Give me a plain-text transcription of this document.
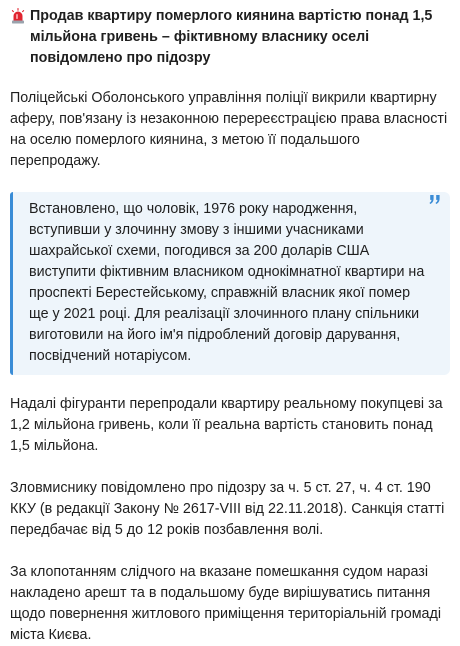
Продав квартиру померлого киянина вартістю понад 1,5 мільйона гривень – фіктивному власнику оселі повідомлено про підозру

Поліцейські Оболонського управління поліції викрили квартирну аферу, пов'язану із незаконною перереєстрацією права власності на оселю померлого киянина, з метою її подальшого перепродажу.

Встановлено, що чоловік, 1976 року народження, вступивши у злочинну змову з іншими учасниками шахрайської схеми, погодився за 200 доларів США виступити фіктивним власником однокімнатної квартири на проспекті Берестейському, справжній власник якої помер ще у 2021 році. Для реалізації злочинного плану спільники виготовили на його ім'я підроблений договір дарування, посвідчений нотаріусом.

Надалі фігуранти перепродали квартиру реальному покупцеві за 1,2 мільйона гривень, коли її реальна вартість становить понад 1,5 мільйона.

Зловмиснику повідомлено про підозру за ч. 5 ст. 27, ч. 4 ст. 190 ККУ (в редакції Закону № 2617-VIII від 22.11.2018). Санкція статті передбачає від 5 до 12 років позбавлення волі.

За клопотанням слідчого на вказане помешкання судом наразі накладено арешт та в подальшому буде вирішуватись питання щодо повернення житлового приміщення територіальній громаді міста Києва.
